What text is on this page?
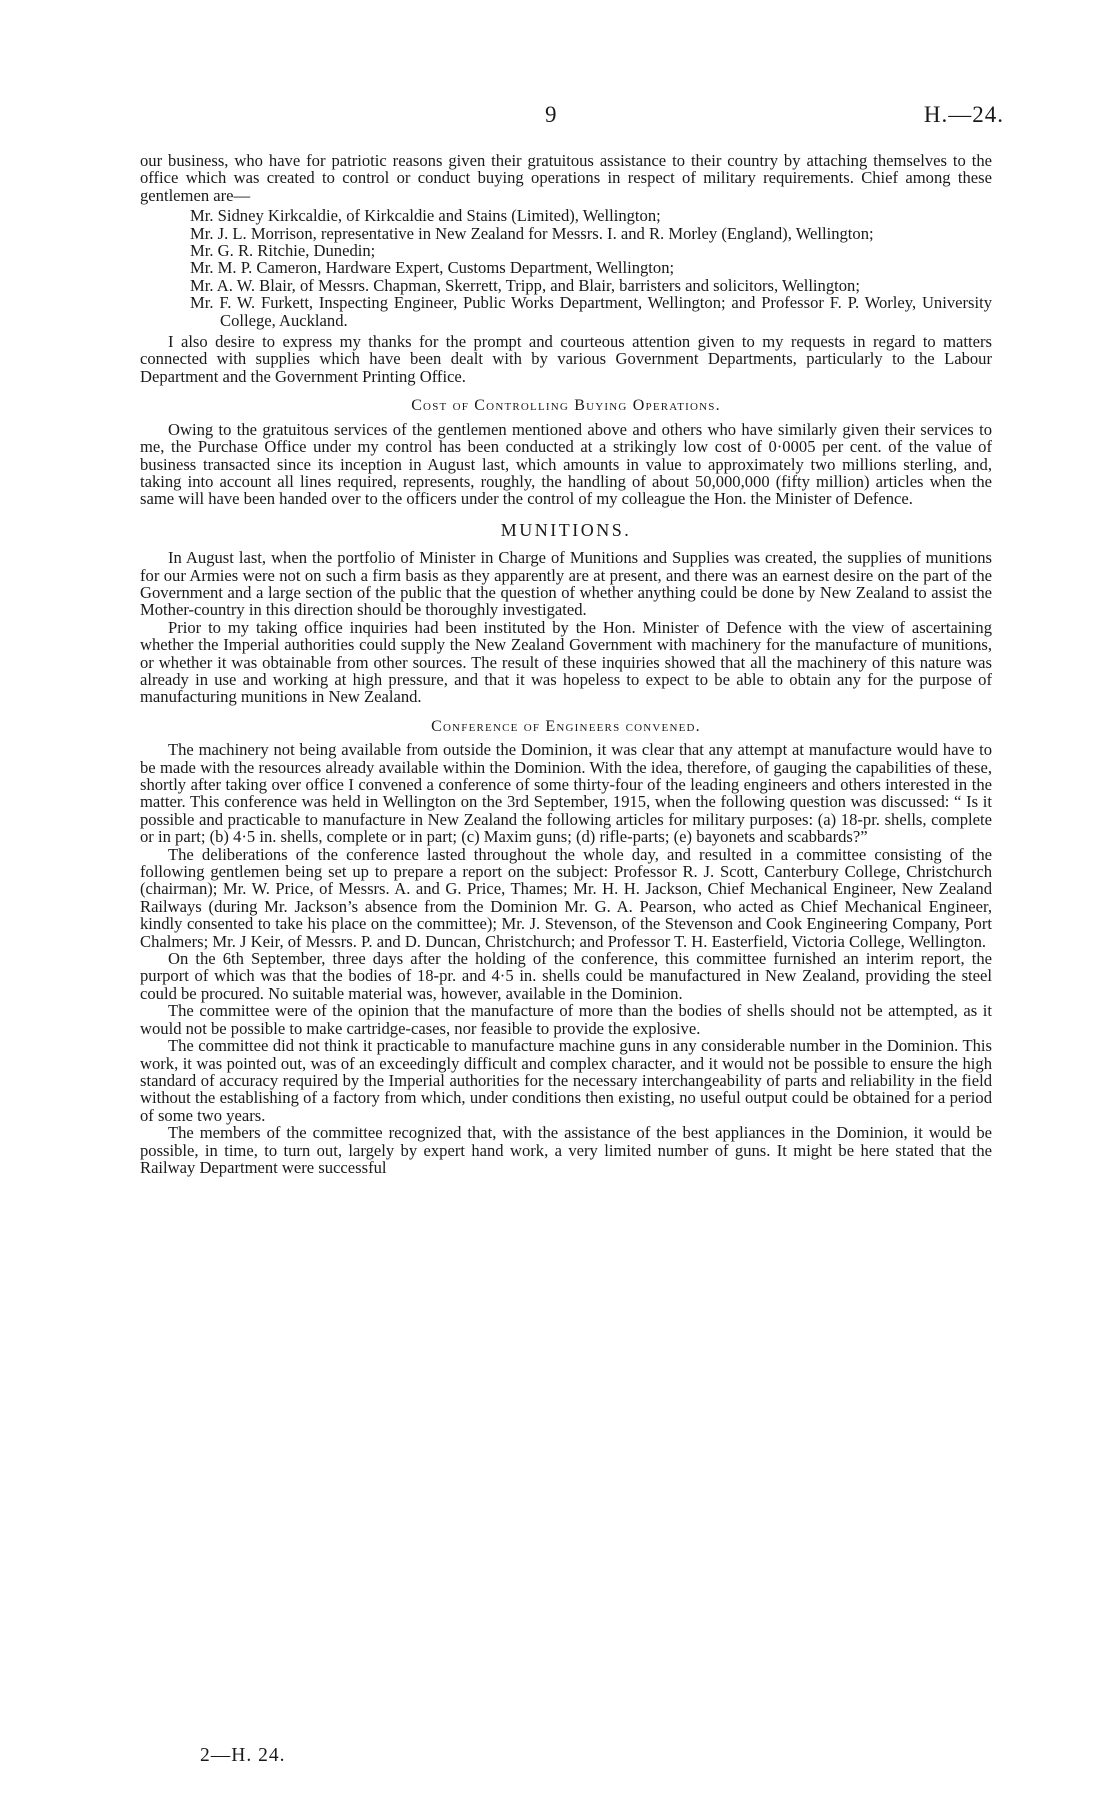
9	H.—24.

our business, who have for patriotic reasons given their gratuitous assistance to their country by attaching themselves to the office which was created to control or conduct buying operations in respect of military requirements. Chief among these gentlemen are—

Mr. Sidney Kirkcaldie, of Kirkcaldie and Stains (Limited), Wellington;

Mr. J. L. Morrison, representative in New Zealand for Messrs. I. and R. Morley (England), Wellington;

Mr. G. R. Ritchie, Dunedin;

Mr. M. P. Cameron, Hardware Expert, Customs Department, Wellington;

Mr. A. W. Blair, of Messrs. Chapman, Skerrett, Tripp, and Blair, barristers and solicitors, Wellington;

Mr. F. W. Furkett, Inspecting Engineer, Public Works Department, Wellington; and Professor F. P. Worley, University College, Auckland.

I also desire to express my thanks for the prompt and courteous attention given to my requests in regard to matters connected with supplies which have been dealt with by various Government Departments, particularly to the Labour Department and the Government Printing Office.

Cost of Controlling Buying Operations.

Owing to the gratuitous services of the gentlemen mentioned above and others who have similarly given their services to me, the Purchase Office under my control has been conducted at a strikingly low cost of 0·0005 per cent. of the value of business transacted since its inception in August last, which amounts in value to approximately two millions sterling, and, taking into account all lines required, represents, roughly, the handling of about 50,000,000 (fifty million) articles when the same will have been handed over to the officers under the control of my colleague the Hon. the Minister of Defence.

MUNITIONS.

In August last, when the portfolio of Minister in Charge of Munitions and Supplies was created, the supplies of munitions for our Armies were not on such a firm basis as they apparently are at present, and there was an earnest desire on the part of the Government and a large section of the public that the question of whether anything could be done by New Zealand to assist the Mother-country in this direction should be thoroughly investigated.

Prior to my taking office inquiries had been instituted by the Hon. Minister of Defence with the view of ascertaining whether the Imperial authorities could supply the New Zealand Government with machinery for the manufacture of munitions, or whether it was obtainable from other sources. The result of these inquiries showed that all the machinery of this nature was already in use and working at high pressure, and that it was hopeless to expect to be able to obtain any for the purpose of manufacturing munitions in New Zealand.

Conference of Engineers convened.

The machinery not being available from outside the Dominion, it was clear that any attempt at manufacture would have to be made with the resources already available within the Dominion. With the idea, therefore, of gauging the capabilities of these, shortly after taking over office I convened a conference of some thirty-four of the leading engineers and others interested in the matter. This conference was held in Wellington on the 3rd September, 1915, when the following question was discussed: “ Is it possible and practicable to manufacture in New Zealand the following articles for military purposes: (a) 18-pr. shells, complete or in part; (b) 4·5 in. shells, complete or in part; (c) Maxim guns; (d) rifle-parts; (e) bayonets and scabbards?”

The deliberations of the conference lasted throughout the whole day, and resulted in a committee consisting of the following gentlemen being set up to prepare a report on the subject: Professor R. J. Scott, Canterbury College, Christchurch (chairman); Mr. W. Price, of Messrs. A. and G. Price, Thames; Mr. H. H. Jackson, Chief Mechanical Engineer, New Zealand Railways (during Mr. Jackson’s absence from the Dominion Mr. G. A. Pearson, who acted as Chief Mechanical Engineer, kindly consented to take his place on the committee); Mr. J. Stevenson, of the Stevenson and Cook Engineering Company, Port Chalmers; Mr. J Keir, of Messrs. P. and D. Duncan, Christchurch; and Professor T. H. Easterfield, Victoria College, Wellington.

On the 6th September, three days after the holding of the conference, this committee furnished an interim report, the purport of which was that the bodies of 18-pr. and 4·5 in. shells could be manufactured in New Zealand, providing the steel could be procured. No suitable material was, however, available in the Dominion.

The committee were of the opinion that the manufacture of more than the bodies of shells should not be attempted, as it would not be possible to make cartridge-cases, nor feasible to provide the explosive.

The committee did not think it practicable to manufacture machine guns in any considerable number in the Dominion. This work, it was pointed out, was of an exceedingly difficult and complex character, and it would not be possible to ensure the high standard of accuracy required by the Imperial authorities for the necessary interchangeability of parts and reliability in the field without the establishing of a factory from which, under conditions then existing, no useful output could be obtained for a period of some two years.

The members of the committee recognized that, with the assistance of the best appliances in the Dominion, it would be possible, in time, to turn out, largely by expert hand work, a very limited number of guns. It might be here stated that the Railway Department were successful

2—H. 24.
